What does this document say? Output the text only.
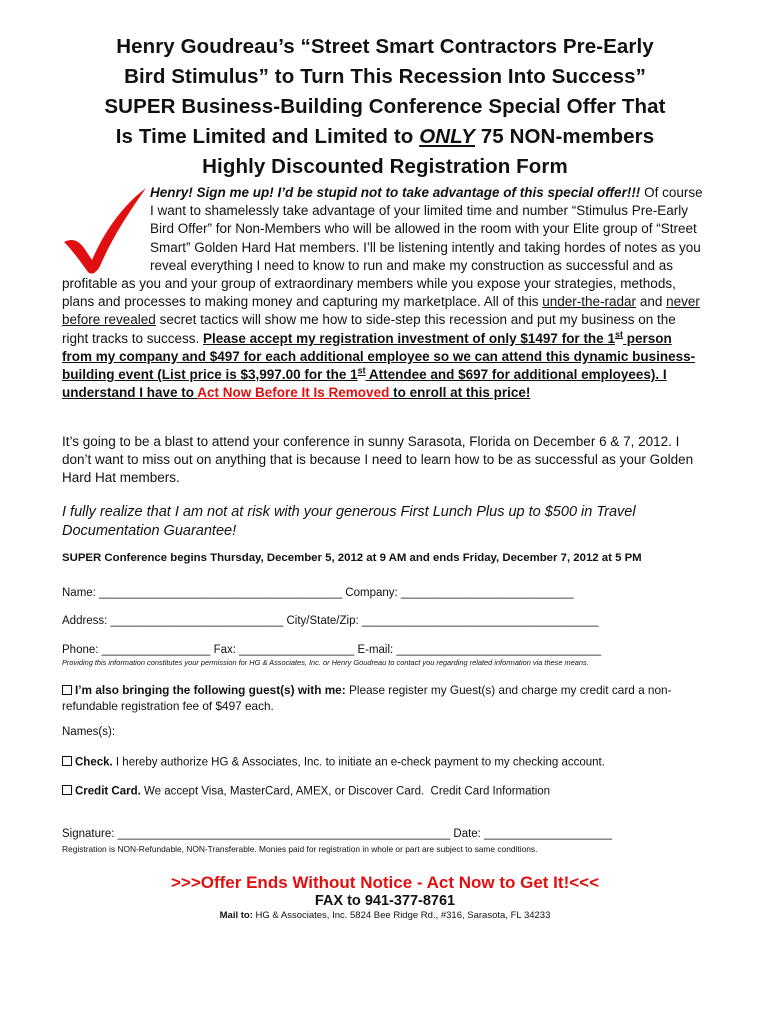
Henry Goudreau’s “Street Smart Contractors Pre-Early
Bird Stimulus” to Turn This Recession Into Success”
SUPER Business-Building Conference Special Offer That
Is Time Limited and Limited to ONLY 75 NON-members
Highly Discounted Registration Form
Henry! Sign me up! I’d be stupid not to take advantage of this special offer!!! Of course I want to shamelessly take advantage of your limited time and number “Stimulus Pre-Early Bird Offer” for Non-Members who will be allowed in the room with your Elite group of “Street Smart” Golden Hard Hat members. I’ll be listening intently and taking hordes of notes as you reveal everything I need to know to run and make my construction as successful and as profitable as you and your group of extraordinary members while you expose your strategies, methods, plans and processes to making money and capturing my marketplace. All of this under-the-radar and never before revealed secret tactics will show me how to side-step this recession and put my business on the right tracks to success. Please accept my registration investment of only $1497 for the 1st person from my company and $497 for each additional employee so we can attend this dynamic business-building event (List price is $3,997.00 for the 1st Attendee and $697 for additional employees). I understand I have to Act Now Before It Is Removed to enroll at this price!
It’s going to be a blast to attend your conference in sunny Sarasota, Florida on December 6 & 7, 2012. I don’t want to miss out on anything that is because I need to learn how to be as successful as your Golden Hard Hat members.
I fully realize that I am not at risk with your generous First Lunch Plus up to $500 in Travel Documentation Guarantee!
SUPER Conference begins Thursday, December 5, 2012 at 9 AM and ends Friday, December 7, 2012 at 5 PM
Name: ______________________________________ Company: ___________________________
Address: ___________________________ City/State/Zip: _____________________________________
Phone: _________________ Fax: __________________ E-mail: ________________________________
Providing this information constitutes your permission for HG & Associates, Inc. or Henry Goudreau to contact you regarding related information via these means.
I’m also bringing the following guest(s) with me: Please register my Guest(s) and charge my credit card a non-refundable registration fee of $497 each.
Names(s):
Check. I hereby authorize HG & Associates, Inc. to initiate an e-check payment to my checking account.
Credit Card. We accept Visa, MasterCard, AMEX, or Discover Card.  Credit Card Information
Signature: ____________________________________________________ Date: ____________________
Registration is NON-Refundable, NON-Transferable. Monies paid for registration in whole or part are subject to same conditions.
>>>Offer Ends Without Notice - Act Now to Get It!<<<
FAX to 941-377-8761
Mail to: HG & Associates, Inc. 5824 Bee Ridge Rd., #316, Sarasota, FL 34233
